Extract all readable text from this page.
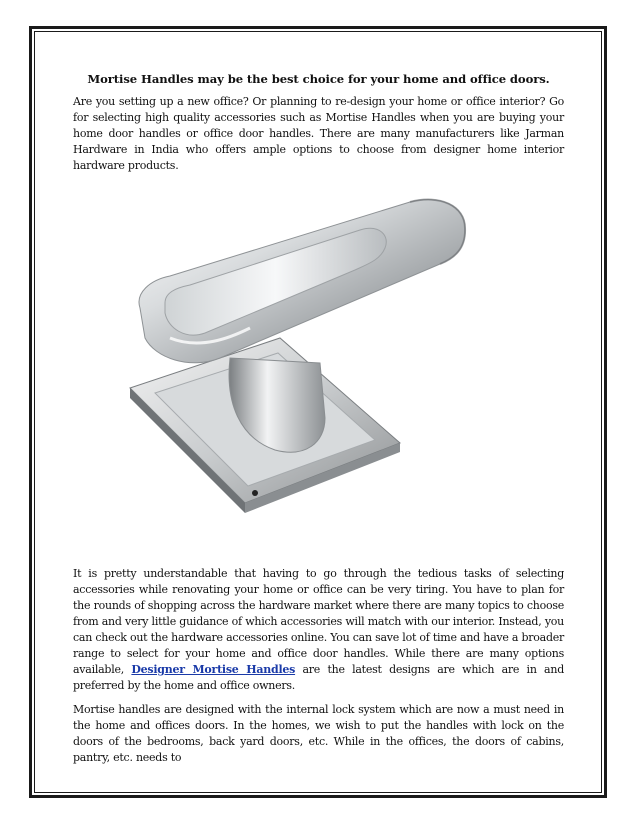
Mortise Handles may be the best choice for your home and office doors.

Are you setting up a new office? Or planning to re-design your home or office interior? Go for selecting high quality accessories such as Mortise Handles when you are buying your home door handles or office door handles. There are many manufacturers like Jarman Hardware in India who offers ample options to choose from designer home interior hardware products.

It is pretty understandable that having to go through the tedious tasks of selecting accessories while renovating your home or office can be very tiring. You have to plan for the rounds of shopping across the hardware market where there are many topics to choose from and very little guidance of which accessories will match with our interior. Instead, you can check out the hardware accessories online. You can save lot of time and have a broader range to select for your home and office door handles. While there are many options available, Designer Mortise Handles are the latest designs are which are in and preferred by the home and office owners.

Mortise handles are designed with the internal lock system which are now a must need in the home and offices doors. In the homes, we wish to put the handles with lock on the doors of the bedrooms, back yard doors, etc. While in the offices, the doors of cabins, pantry, etc. needs to
